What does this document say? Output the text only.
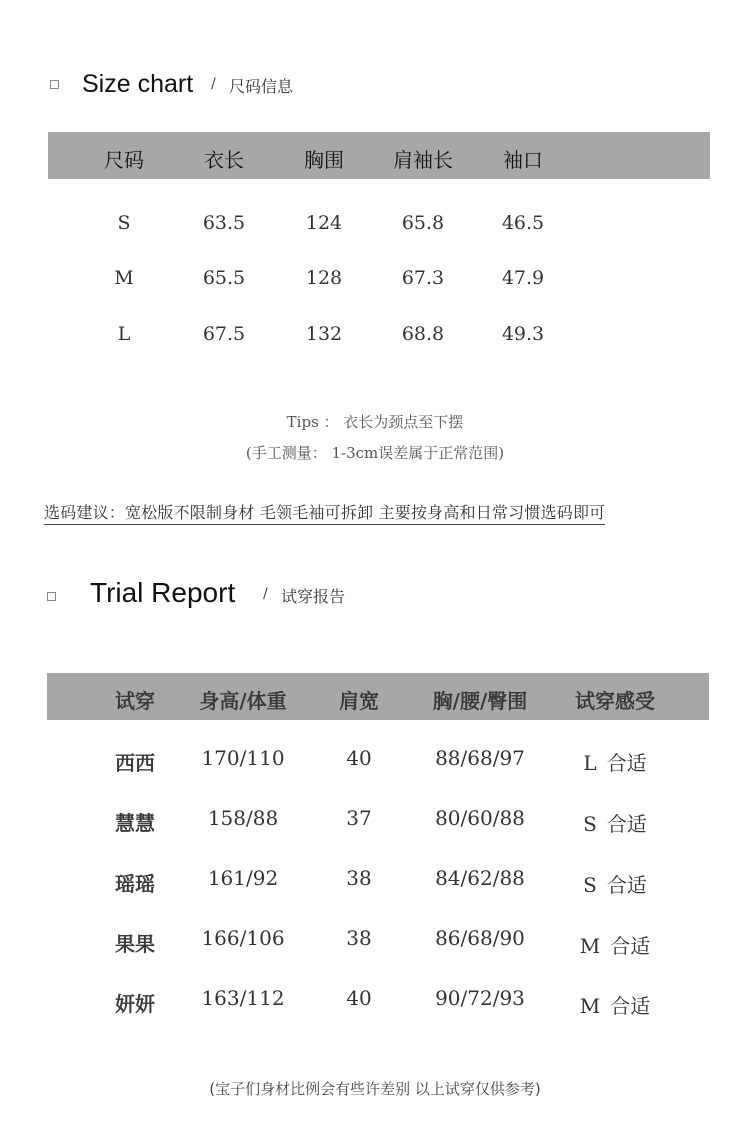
Size chart / 尺码信息
尺码	衣长	胸围	肩袖长	袖口
S	63.5	124	65.8	46.5
M	65.5	128	67.3	47.9
L	67.5	132	68.8	49.3
Tips ： 衣长为颈点至下摆
(手工测量： 1-3cm误差属于正常范围)
选码建议：宽松版不限制身材 毛领毛袖可拆卸 主要按身高和日常习惯选码即可
Trial Report / 试穿报告
试穿	身高/体重	肩宽	胸/腰/臀围	试穿感受
西西	170/110	40	88/68/97	L 合适
慧慧	158/88	37	80/60/88	S 合适
瑶瑶	161/92	38	84/62/88	S 合适
果果	166/106	38	86/68/90	M 合适
妍妍	163/112	40	90/72/93	M 合适
(宝子们身材比例会有些许差别 以上试穿仅供参考)
